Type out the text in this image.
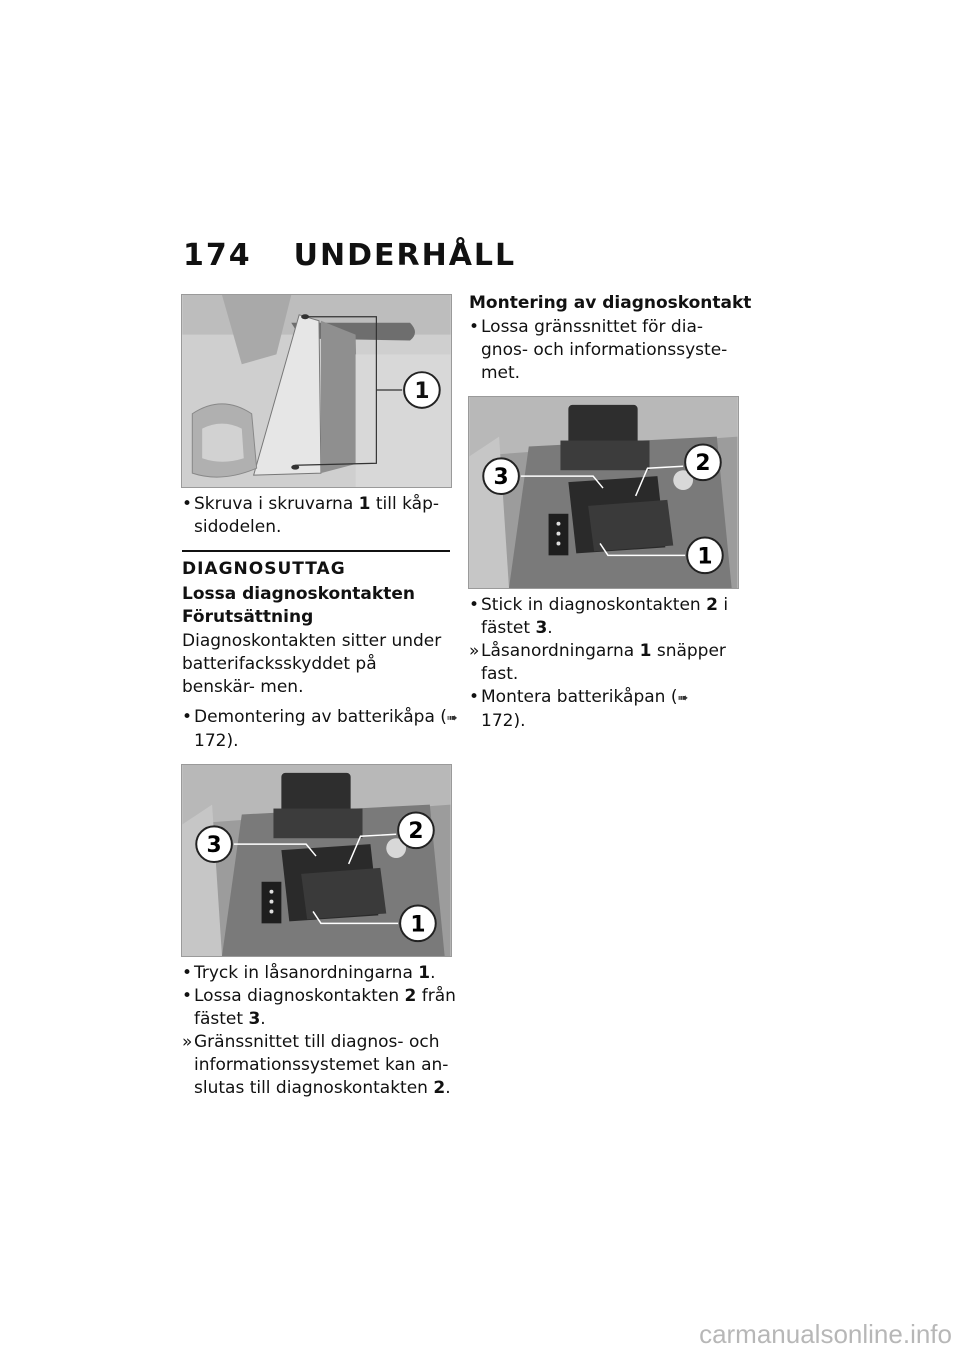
174 UNDERHÅLL
1
• Skruva i skruvarna 1 till kåp- sidodelen.
DIAGNOSUTTAG
Lossa diagnoskontakten
Förutsättning
Diagnoskontakten sitter under batterifacksskyddet på benskär- men.
• Demontering av batterikåpa (➠ 172).
3
2
1
• Tryck in låsanordningarna 1.
• Lossa diagnoskontakten 2 från fästet 3.
» Gränssnittet till diagnos- och informationssystemet kan an- slutas till diagnoskontakten 2.
Montering av diagnoskontakt
• Lossa gränssnittet för dia- gnos- och informationssyste- met.
3
2
1
• Stick in diagnoskontakten 2 i fästet 3.
» Låsanordningarna 1 snäpper fast.
• Montera batterikåpan (➠ 172).
carmanualsonline.info
